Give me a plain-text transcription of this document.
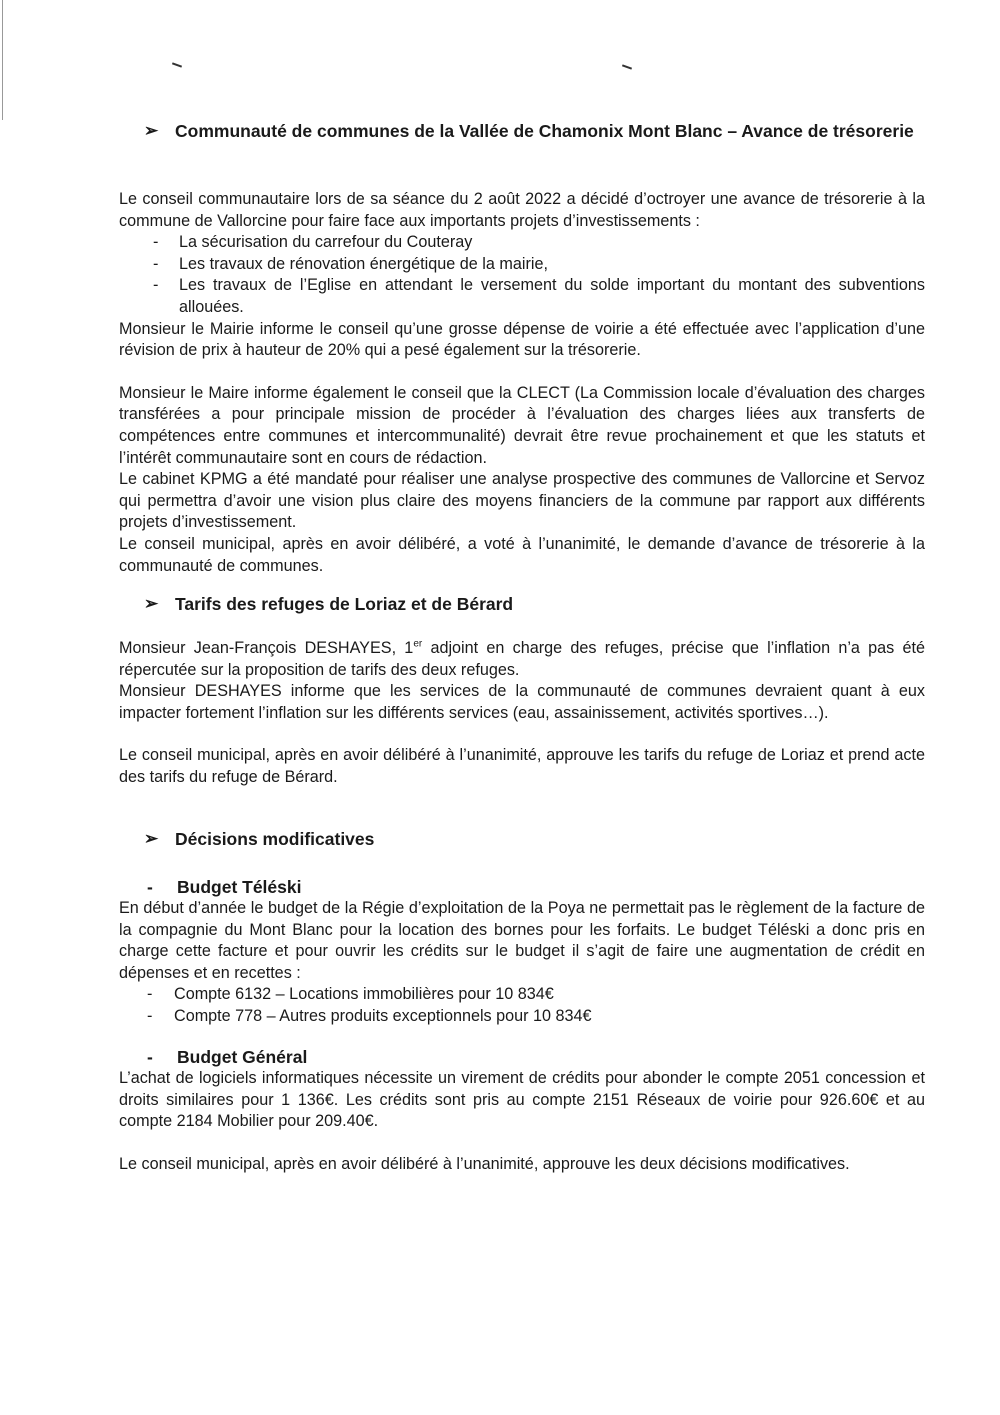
➢ Communauté de communes de la Vallée de Chamonix Mont Blanc – Avance de trésorerie

Le conseil communautaire lors de sa séance du 2 août 2022 a décidé d’octroyer une avance de trésorerie à la commune de Vallorcine pour faire face aux importants projets d’investissements :

- La sécurisation du carrefour du Couteray

- Les travaux de rénovation énergétique de la mairie,

- Les travaux de l’Eglise en attendant le versement du solde important du montant des subventions allouées.

Monsieur le Mairie informe le conseil qu’une grosse dépense de voirie a été effectuée avec l’application d’une révision de prix à hauteur de 20% qui a pesé également sur la trésorerie.

Monsieur le Maire informe également le conseil que la CLECT (La Commission locale d’évaluation des charges transférées a pour principale mission de procéder à l’évaluation des charges liées aux transferts de compétences entre communes et intercommunalité) devrait être revue prochainement et que les statuts et l’intérêt communautaire sont en cours de rédaction.

Le cabinet KPMG a été mandaté pour réaliser une analyse prospective des communes de Vallorcine et Servoz qui permettra d’avoir une vision plus claire des moyens financiers de la commune par rapport aux différents projets d’investissement.

Le conseil municipal, après en avoir délibéré, a voté à l’unanimité, le demande d’avance de trésorerie à la communauté de communes.

➢ Tarifs des refuges de Loriaz et de Bérard

Monsieur Jean-François DESHAYES, 1er adjoint en charge des refuges, précise que l’inflation n’a pas été répercutée sur la proposition de tarifs des deux refuges.

Monsieur DESHAYES informe que les services de la communauté de communes devraient quant à eux impacter fortement l’inflation sur les différents services (eau, assainissement, activités sportives…).

Le conseil municipal, après en avoir délibéré à l’unanimité, approuve les tarifs du refuge de Loriaz et prend acte des tarifs du refuge de Bérard.

➢ Décisions modificatives
- Budget Téléski

En début d’année le budget de la Régie d’exploitation de la Poya ne permettait pas le règlement de la facture de la compagnie du Mont Blanc pour la location des bornes pour les forfaits. Le budget Téléski a donc pris en charge cette facture et pour ouvrir les crédits sur le budget il s’agit de faire une augmentation de crédit en dépenses et en recettes :

- Compte 6132 – Locations immobilières pour 10 834€

- Compte 778 – Autres produits exceptionnels pour 10 834€

- Budget Général

L’achat de logiciels informatiques nécessite un virement de crédits pour abonder le compte 2051 concession et droits similaires pour 1 136€. Les crédits sont pris au compte 2151 Réseaux de voirie pour 926.60€ et au compte 2184 Mobilier pour 209.40€.

Le conseil municipal, après en avoir délibéré à l’unanimité, approuve les deux décisions modificatives.
